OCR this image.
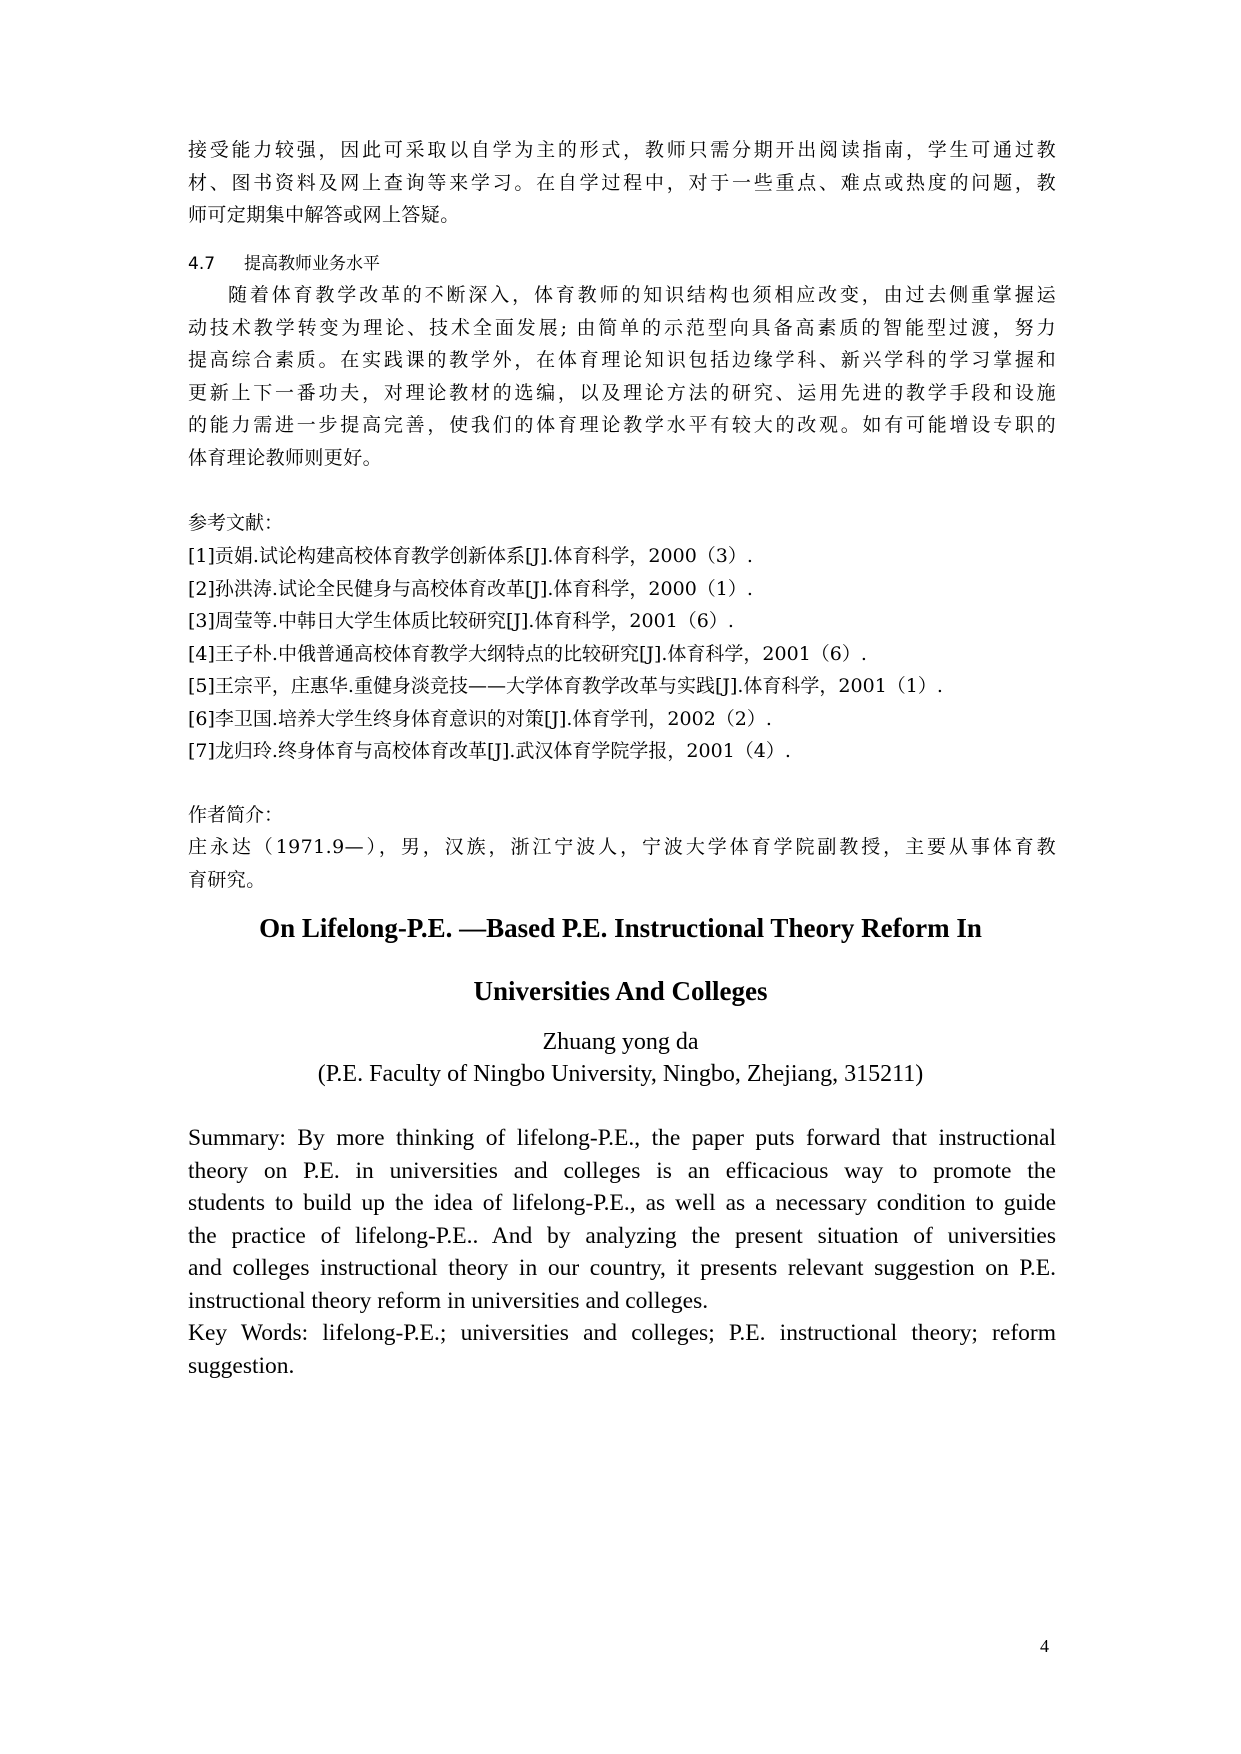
接受能力较强，因此可采取以自学为主的形式，教师只需分期开出阅读指南，学生可通过教
材、图书资料及网上查询等来学习。在自学过程中，对于一些重点、难点或热度的问题，教
师可定期集中解答或网上答疑。
4.7 提高教师业务水平
随着体育教学改革的不断深入，体育教师的知识结构也须相应改变，由过去侧重掌握运
动技术教学转变为理论、技术全面发展; 由简单的示范型向具备高素质的智能型过渡，努力
提高综合素质。在实践课的教学外，在体育理论知识包括边缘学科、新兴学科的学习掌握和
更新上下一番功夫，对理论教材的选编，以及理论方法的研究、运用先进的教学手段和设施
的能力需进一步提高完善，使我们的体育理论教学水平有较大的改观。如有可能增设专职的
体育理论教师则更好。
参考文献：
[1]贡娟.试论构建高校体育教学创新体系[J].体育科学，2000（3）.
[2]孙洪涛.试论全民健身与高校体育改革[J].体育科学，2000（1）.
[3]周莹等.中韩日大学生体质比较研究[J].体育科学，2001（6）.
[4]王子朴.中俄普通高校体育教学大纲特点的比较研究[J].体育科学，2001（6）.
[5]王宗平，庄惠华.重健身淡竞技——大学体育教学改革与实践[J].体育科学，2001（1）.
[6]李卫国.培养大学生终身体育意识的对策[J].体育学刊，2002（2）.
[7]龙归玲.终身体育与高校体育改革[J].武汉体育学院学报，2001（4）.
作者简介：
庄永达（1971.9—），男，汉族，浙江宁波人，宁波大学体育学院副教授，主要从事体育教
育研究。
On Lifelong-P.E. —Based P.E. Instructional Theory Reform In
Universities And Colleges
Zhuang yong da
(P.E. Faculty of Ningbo University, Ningbo, Zhejiang, 315211)
Summary: By more thinking of lifelong-P.E., the paper puts forward that instructional
theory on P.E. in universities and colleges is an efficacious way to promote the
students to build up the idea of lifelong-P.E., as well as a necessary condition to guide
the practice of lifelong-P.E.. And by analyzing the present situation of universities
and colleges instructional theory in our country, it presents relevant suggestion on P.E.
instructional theory reform in universities and colleges.
Key Words: lifelong-P.E.; universities and colleges; P.E. instructional theory; reform
suggestion.
4
